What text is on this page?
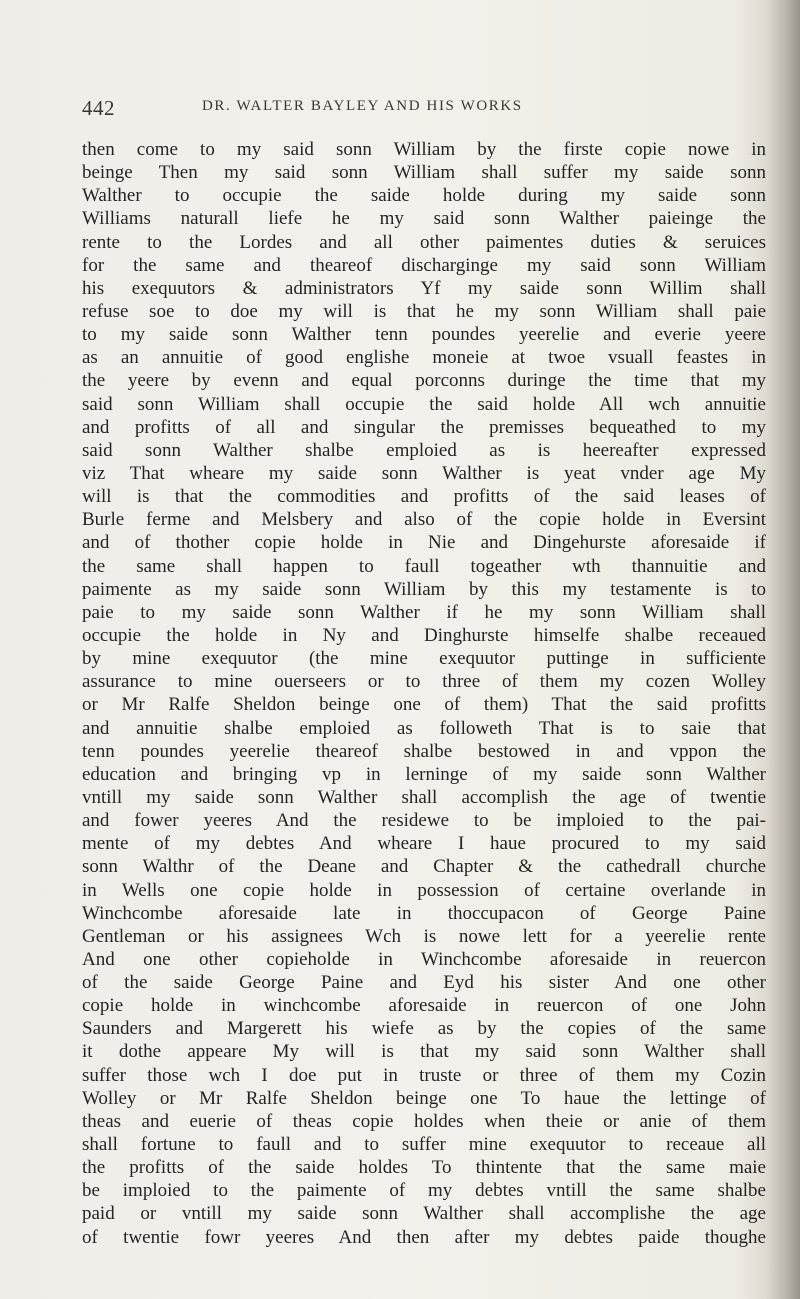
442	DR. WALTER BAYLEY AND HIS WORKS
then come to my said sonn William by the firste copie nowe in
beinge Then my said sonn William shall suffer my saide sonn
Walther to occupie the saide holde during my saide sonn
Williams naturall liefe he my said sonn Walther paieinge the
rente to the Lordes and all other paimentes duties & seruices
for the same and thearеof discharginge my said sonn William
his exequutors & administrators Yf my saide sonn Willim shall
refuse soe to doe my will is that he my sonn William shall paie
to my saide sonn Walther tenn poundes yeerelie and everie yeere
as an annuitie of good englishe moneie at twoe vsuall feastes in
the yeere by evenn and equal porconns duringe the time that my
said sonn William shall occupie the said holde All wch annuitie
and profitts of all and singular the premisses bequeathed to my
said sonn Walther shalbe emploied as is heereafter expressed
viz That wheare my saide sonn Walther is yeat vnder age My
will is that the commodities and profitts of the said leases of
Burle ferme and Melsbery and also of the copie holde in Eversint
and of thother copie holde in Nie and Dingehurste aforesaide if
the same shall happen to faull togeather wth thannuitie and
paimente as my saide sonn William by this my testamente is to
paie to my saide sonn Walther if he my sonn William shall
occupie the holde in Ny and Dinghurste himselfe shalbe receaued
by mine exequutor (the mine exequutor puttinge in sufficiente
assurance to mine ouerseers or to three of them my cozen Wolley
or Mr Ralfe Sheldon beinge one of them) That the said profitts
and annuitie shalbe emploied as followeth That is to saie that
tenn poundes yeerelie theareof shalbe bestowed in and vppon the
education and bringing vp in lerninge of my saide sonn Walther
vntill my saide sonn Walther shall accomplish the age of twentie
and fower yeeres And the residewe to be imploied to the pai-
mente of my debtes And wheare I haue procured to my said
sonn Walthr of the Deane and Chapter & the cathedrall churche
in Wells one copie holde in possession of certaine overlande in
Winchcombe aforesaide late in thoccupacon of George Paine
Gentleman or his assignees Wch is nowe lett for a yeerelie rente
And one other copieholde in Winchcombe aforesaide in reuercon
of the saide George Paine and Eyd his sister And one other
copie holde in winchcombe aforesaide in reuercon of one John
Saunders and Margerett his wiefe as by the copies of the same
it dothe appeare My will is that my said sonn Walther shall
suffer those wch I doe put in truste or three of them my Cozin
Wolley or Mr Ralfe Sheldon beinge one To haue the lettinge of
theas and euerie of theas copie holdes when theie or anie of them
shall fortune to faull and to suffer mine exequutor to receaue all
the profitts of the saide holdes To thintente that the same maie
be imploied to the paimente of my debtes vntill the same shalbe
paid or vntill my saide sonn Walther shall accomplishe the age
of twentie fowr yeeres And then after my debtes paide thoughe
